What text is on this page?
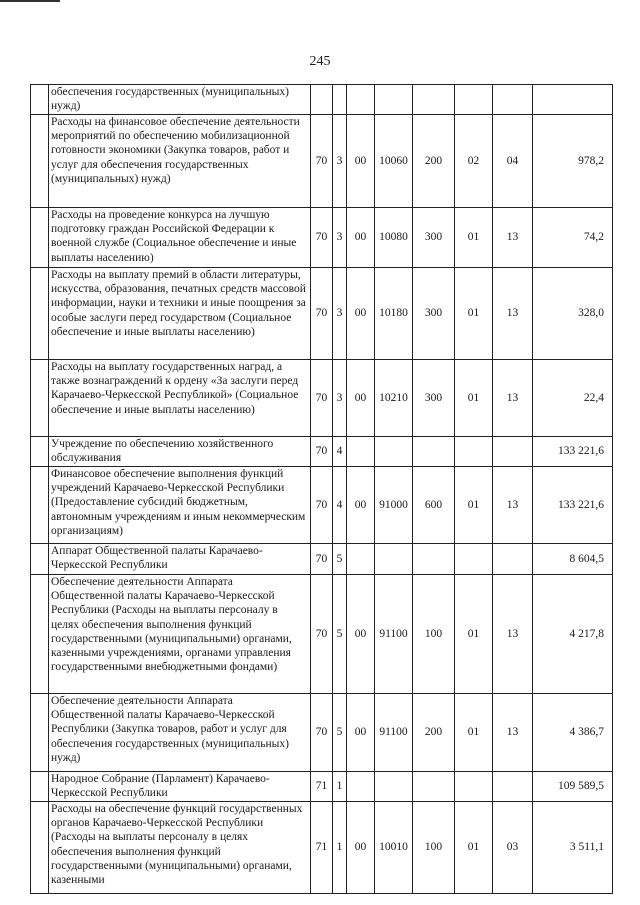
245
	обеспечения государственных (муниципальных) нужд)								
	Расходы на финансовое обеспечение деятельности мероприятий по обеспечению мобилизационной готовности экономики (Закупка товаров, работ и услуг для обеспечения государственных (муниципальных) нужд)	70	3	00	10060	200	02	04	978,2
	Расходы на проведение конкурса на лучшую подготовку граждан Российской Федерации к военной службе (Социальное обеспечение и иные выплаты населению)	70	3	00	10080	300	01	13	74,2
	Расходы на выплату премий в области литературы, искусства, образования, печатных средств массовой информации, науки и техники и иные поощрения за особые заслуги перед государством (Социальное обеспечение и иные выплаты населению)	70	3	00	10180	300	01	13	328,0
	Расходы на выплату государственных наград, а также вознаграждений к ордену «За заслуги перед Карачаево-Черкесской Республикой» (Социальное обеспечение и иные выплаты населению)	70	3	00	10210	300	01	13	22,4
	Учреждение по обеспечению хозяйственного обслуживания	70	4						133 221,6
	Финансовое обеспечение выполнения функций учреждений Карачаево-Черкесской Республики (Предоставление субсидий бюджетным, автономным учреждениям и иным некоммерческим организациям)	70	4	00	91000	600	01	13	133 221,6
	Аппарат Общественной палаты Карачаево-Черкесской Республики	70	5						8 604,5
	Обеспечение деятельности Аппарата Общественной палаты Карачаево-Черкесской Республики (Расходы на выплаты персоналу в целях обеспечения выполнения функций государственными (муниципальными) органами, казенными учреждениями, органами управления государственными внебюджетными фондами)	70	5	00	91100	100	01	13	4 217,8
	Обеспечение деятельности Аппарата Общественной палаты Карачаево-Черкесской Республики (Закупка товаров, работ и услуг для обеспечения государственных (муниципальных) нужд)	70	5	00	91100	200	01	13	4 386,7
	Народное Собрание (Парламент) Карачаево-Черкесской Республики	71	1						109 589,5
	Расходы на обеспечение функций государственных органов Карачаево-Черкесской Республики (Расходы на выплаты персоналу в целях обеспечения выполнения функций государственными (муниципальными) органами, казенными	71	1	00	10010	100	01	03	3 511,1
